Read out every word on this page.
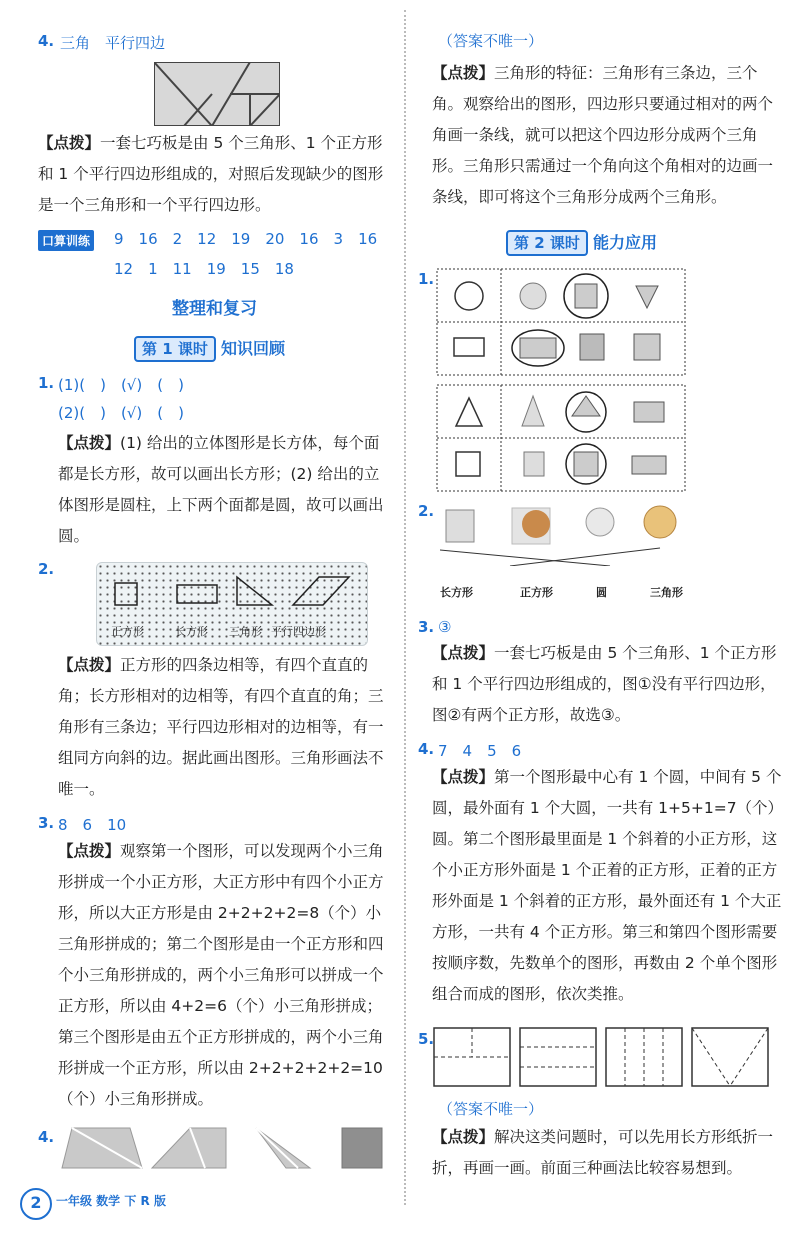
4. 三角　平行四边
【点拨】一套七巧板是由 5 个三角形、1 个正方形和 1 个平行四边形组成的，对照后发现缺少的图形是一个三角形和一个平行四边形。
口算训练 9　16　2　12　19　20　16　3　16
12　1　11　19　15　18
整理和复习
第 1 课时 知识回顾
1. (1)(　)　(√)　(　)
(2)(　)　(√)　(　)
【点拨】(1) 给出的立体图形是长方体，每个面都是长方形，故可以画出长方形；(2) 给出的立体图形是圆柱，上下两个面都是圆，故可以画出圆。
2.
正方形	长方形 三角形 平行四边形
【点拨】正方形的四条边相等，有四个直直的角；长方形相对的边相等，有四个直直的角；三角形有三条边；平行四边形相对的边相等，有一组同方向斜的边。据此画出图形。三角形画法不唯一。
3. 8　6　10
【点拨】观察第一个图形，可以发现两个小三角形拼成一个小正方形，大正方形中有四个小正方形，所以大正方形是由 2+2+2+2=8（个）小三角形拼成的；第二个图形是由一个正方形和四个小三角形拼成的，两个小三角形可以拼成一个正方形，所以由 4+2=6（个）小三角形拼成；第三个图形是由五个正方形拼成的，两个小三角形拼成一个正方形，所以由 2+2+2+2+2=10（个）小三角形拼成。
4.
2	一年级 数学 下 R 版
（答案不唯一）
【点拨】三角形的特征：三角形有三条边，三个角。观察给出的图形，四边形只要通过相对的两个角画一条线，就可以把这个四边形分成两个三角形。三角形只需通过一个角向这个角相对的边画一条线，即可将这个三角形分成两个三角形。
第 2 课时 能力应用
1.
2.
长方形	正方形	圆	三角形
3. ③
【点拨】一套七巧板是由 5 个三角形、1 个正方形和 1 个平行四边形组成的，图①没有平行四边形，图②有两个正方形，故选③。
4. 7　4　5　6
【点拨】第一个图形最中心有 1 个圆，中间有 5 个圆，最外面有 1 个大圆，一共有 1+5+1=7（个）圆。第二个图形最里面是 1 个斜着的小正方形，这个小正方形外面是 1 个正着的正方形，正着的正方形外面是 1 个斜着的正方形，最外面还有 1 个大正方形，一共有 4 个正方形。第三和第四个图形需要按顺序数，先数单个的图形，再数由 2 个单个图形组合而成的图形，依次类推。
5.
（答案不唯一）
【点拨】解决这类问题时，可以先用长方形纸折一折，再画一画。前面三种画法比较容易想到。
